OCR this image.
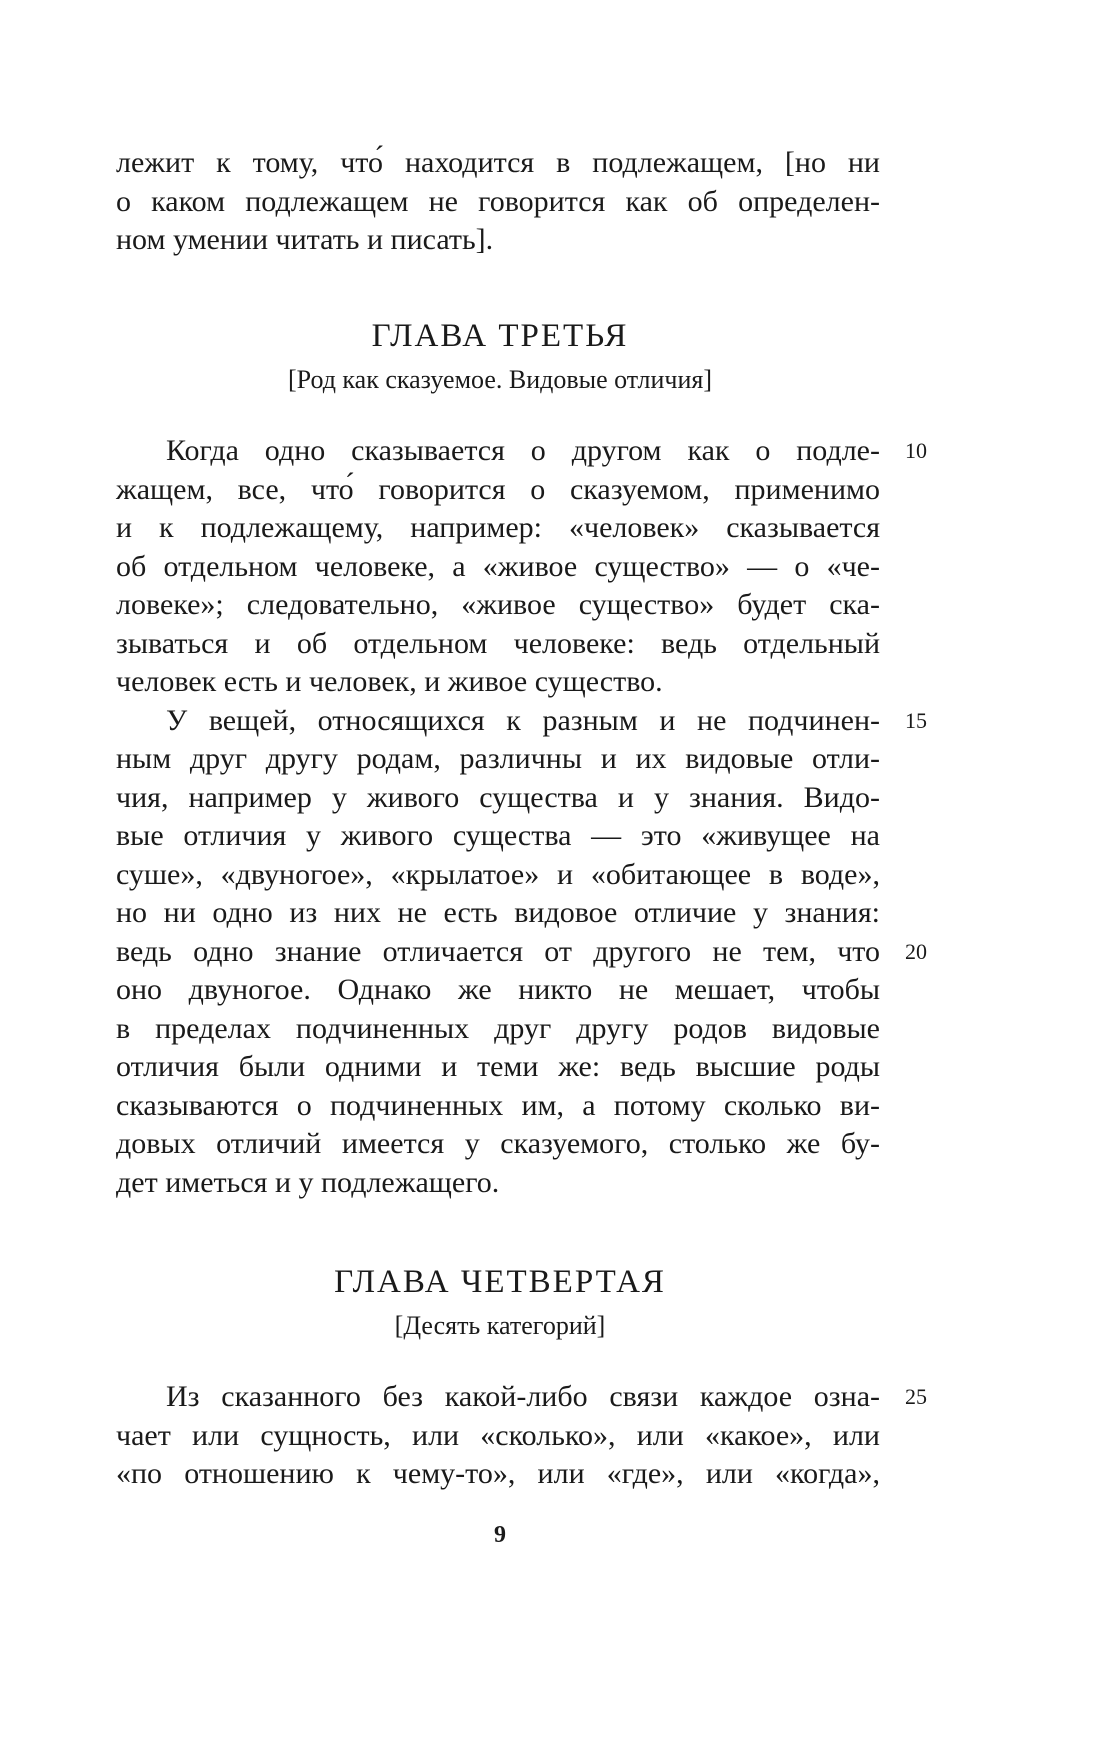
лежит к тому, что́ находится в подлежащем, [но ни
о каком подлежащем не говорится как об определен-
ном умении читать и писать].
ГЛАВА ТРЕТЬЯ
[Род как сказуемое. Видовые отличия]
Когда одно сказывается о другом как о подле- 10
жащем, все, что́ говорится о сказуемом, применимо
и к подлежащему, например: «человек» сказывается
об отдельном человеке, а «живое существо» — о «че-
ловеке»; следовательно, «живое существо» будет ска-
зываться и об отдельном человеке: ведь отдельный
человек есть и человек, и живое существо.
У вещей, относящихся к разным и не подчинен- 15
ным друг другу родам, различны и их видовые отли-
чия, например у живого существа и у знания. Видо-
вые отличия у живого существа — это «живущее на
суше», «двуногое», «крылатое» и «обитающее в воде»,
но ни одно из них не есть видовое отличие у знания:
ведь одно знание отличается от другого не тем, что 20
оно двуногое. Однако же никто не мешает, чтобы
в пределах подчиненных друг другу родов видовые
отличия были одними и теми же: ведь высшие роды
сказываются о подчиненных им, а потому сколько ви-
довых отличий имеется у сказуемого, столько же бу-
дет иметься и у подлежащего.
ГЛАВА ЧЕТВЕРТАЯ
[Десять категорий]
Из сказанного без какой-либо связи каждое озна- 25
чает или сущность, или «сколько», или «какое», или
«по отношению к чему-то», или «где», или «когда»,
9
